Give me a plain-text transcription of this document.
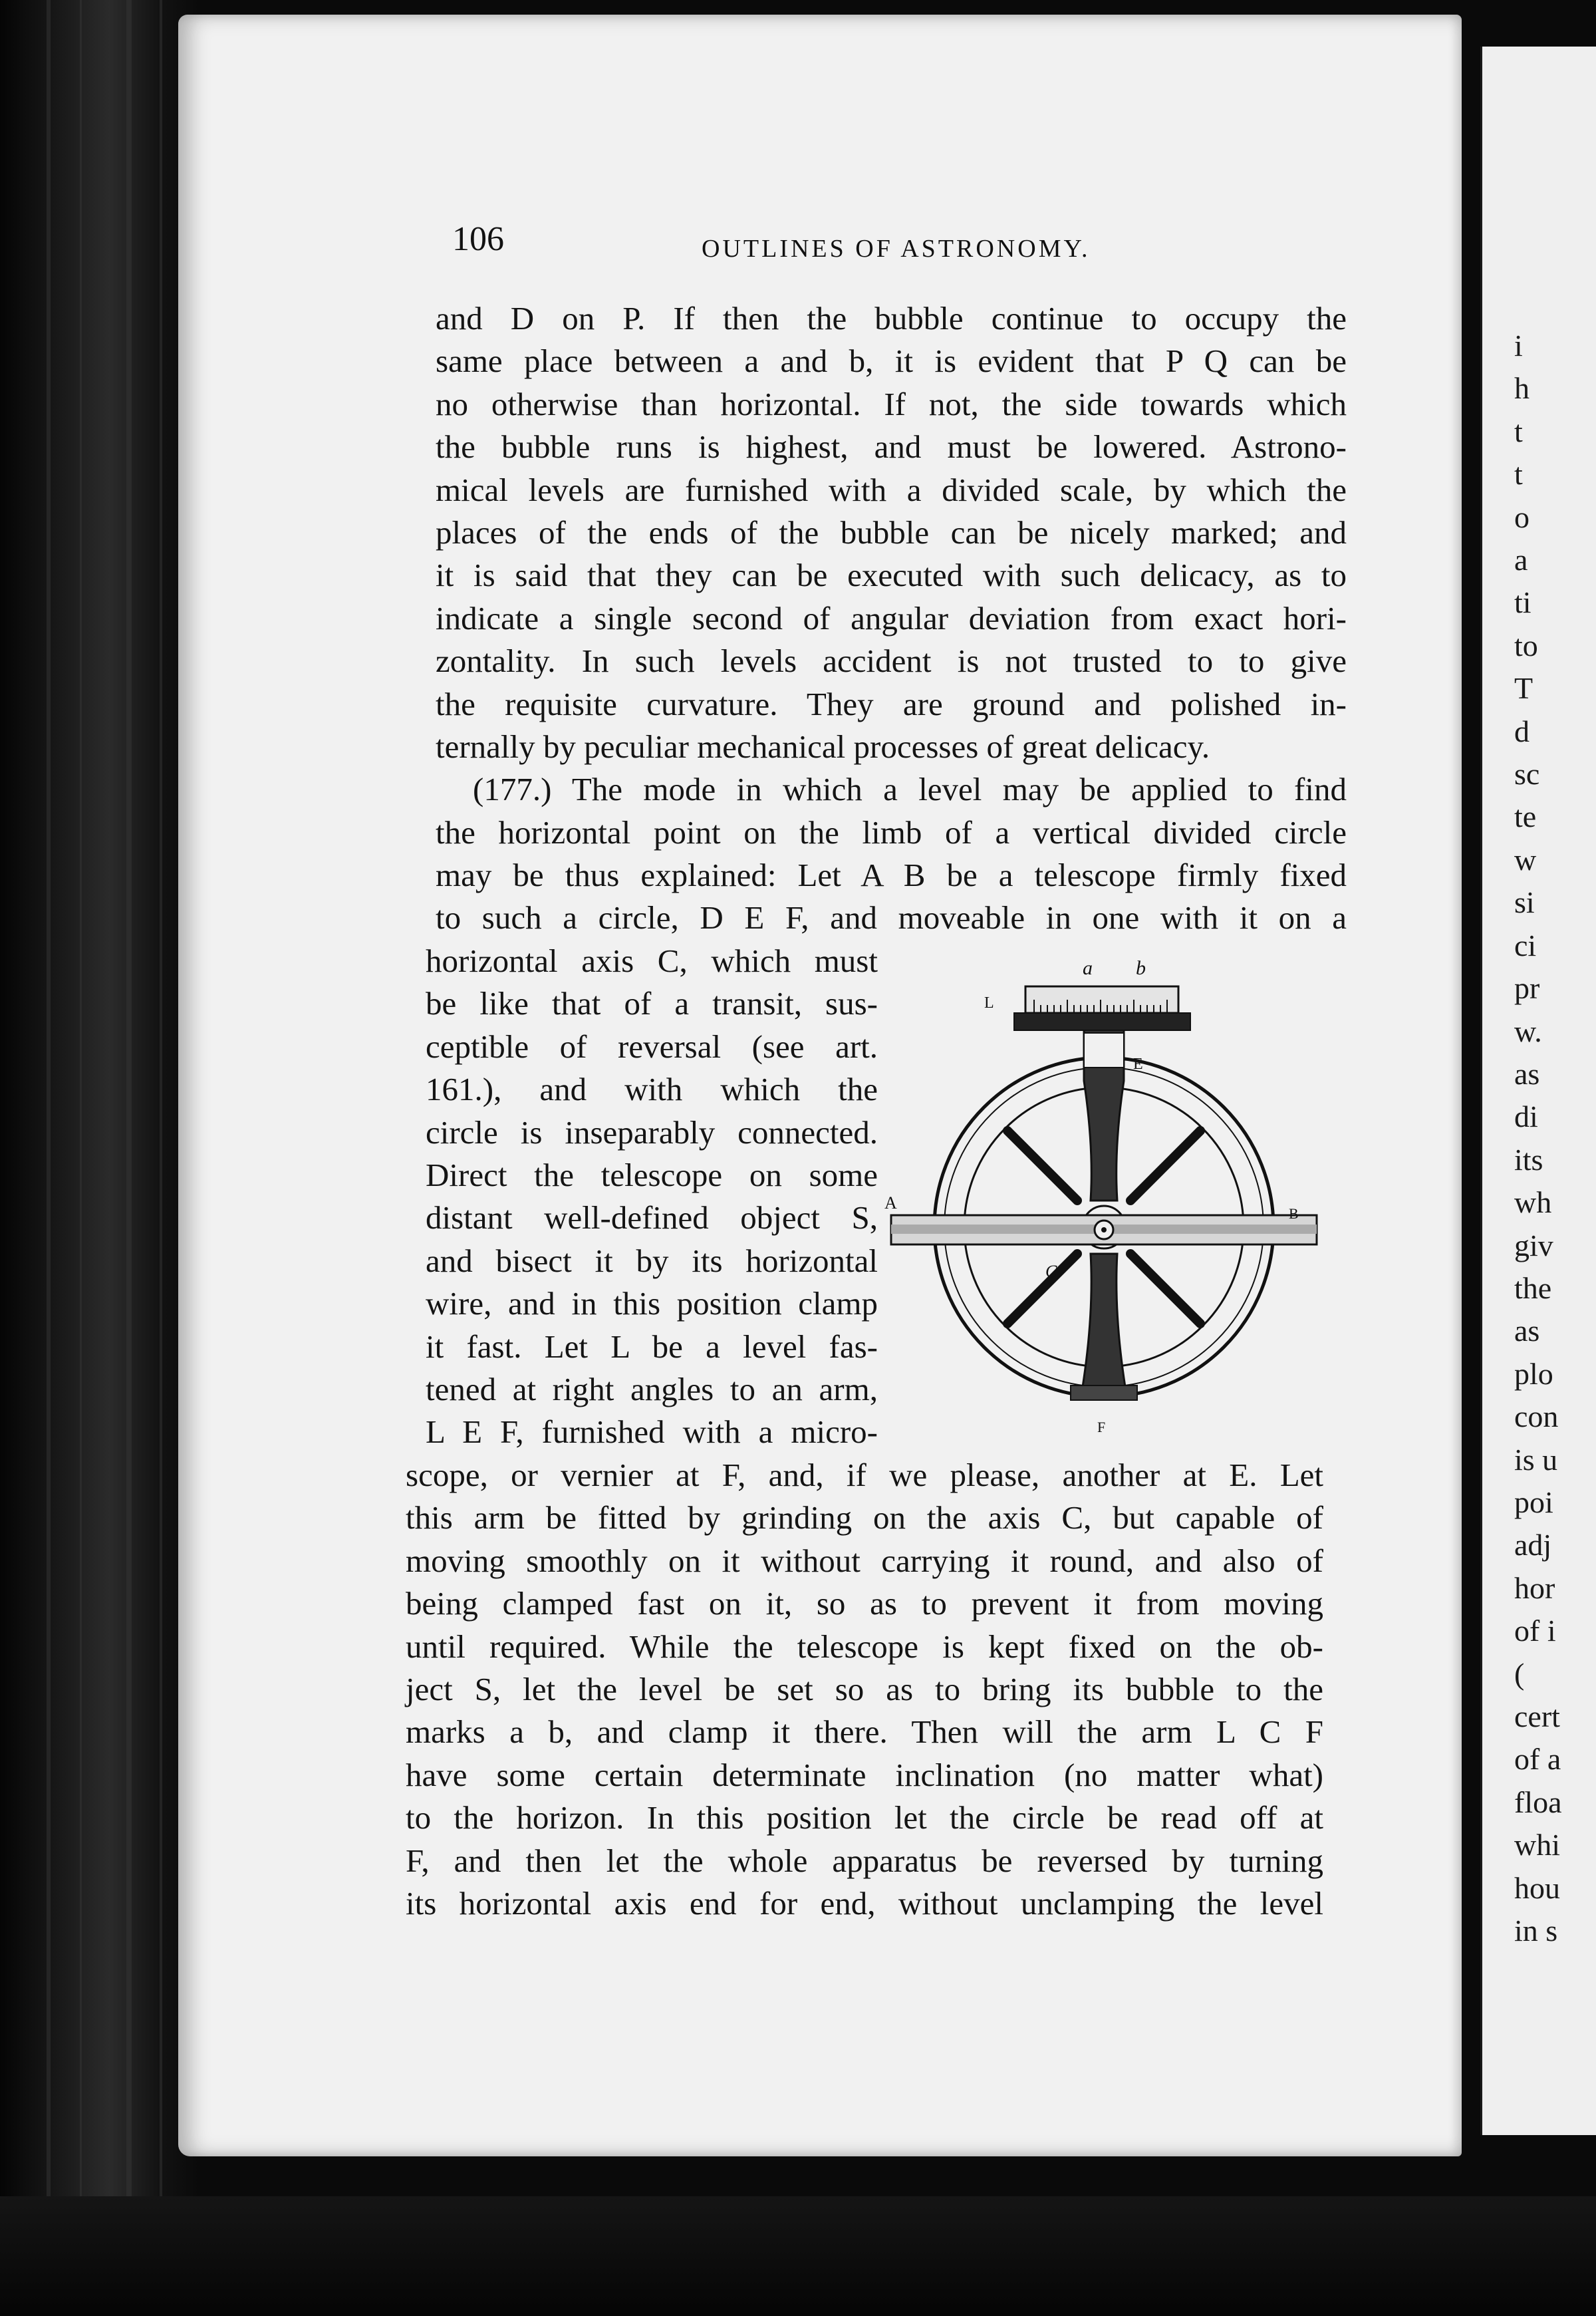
i
h
t
t
o
a
ti
to
T
d
sc
te
w
si
ci
pr
w.
as
di
its
wh
giv
the
as
plo
con
is u
poi
adj
hor
of i
(
cert
of a
floa
whi
hou
in s
106	OUTLINES OF ASTRONOMY.
and D on P. If then the bubble continue to occupy the
same place between a and b, it is evident that P Q can be
no otherwise than horizontal. If not, the side towards which
the bubble runs is highest, and must be lowered. Astrono-
mical levels are furnished with a divided scale, by which the
places of the ends of the bubble can be nicely marked; and
it is said that they can be executed with such delicacy, as to
indicate a single second of angular deviation from exact hori-
zontality. In such levels accident is not trusted to to give
the requisite curvature. They are ground and polished in-
ternally by peculiar mechanical processes of great delicacy.
(177.) The mode in which a level may be applied to find
the horizontal point on the limb of a vertical divided circle
may be thus explained: Let A B be a telescope firmly fixed
to such a circle, D E F, and moveable in one with it on a
horizontal axis C, which must
be like that of a transit, sus-
ceptible of reversal (see art.
161.), and with which the
circle is inseparably connected.
Direct the telescope on some
distant well-defined object S,
and bisect it by its horizontal
wire, and in this position clamp
it fast. Let L be a level fas-
tened at right angles to an arm,
L E F, furnished with a micro-
scope, or vernier at F, and, if we please, another at E. Let
this arm be fitted by grinding on the axis C, but capable of
moving smoothly on it without carrying it round, and also of
being clamped fast on it, so as to prevent it from moving
until required. While the telescope is kept fixed on the ob-
ject S, let the level be set so as to bring its bubble to the
marks a b, and clamp it there. Then will the arm L C F
have some certain determinate inclination (no matter what)
to the horizon. In this position let the circle be read off at
F, and then let the whole apparatus be reversed by turning
its horizontal axis end for end, without unclamping the level
a b
L
E
A
B
C
F
